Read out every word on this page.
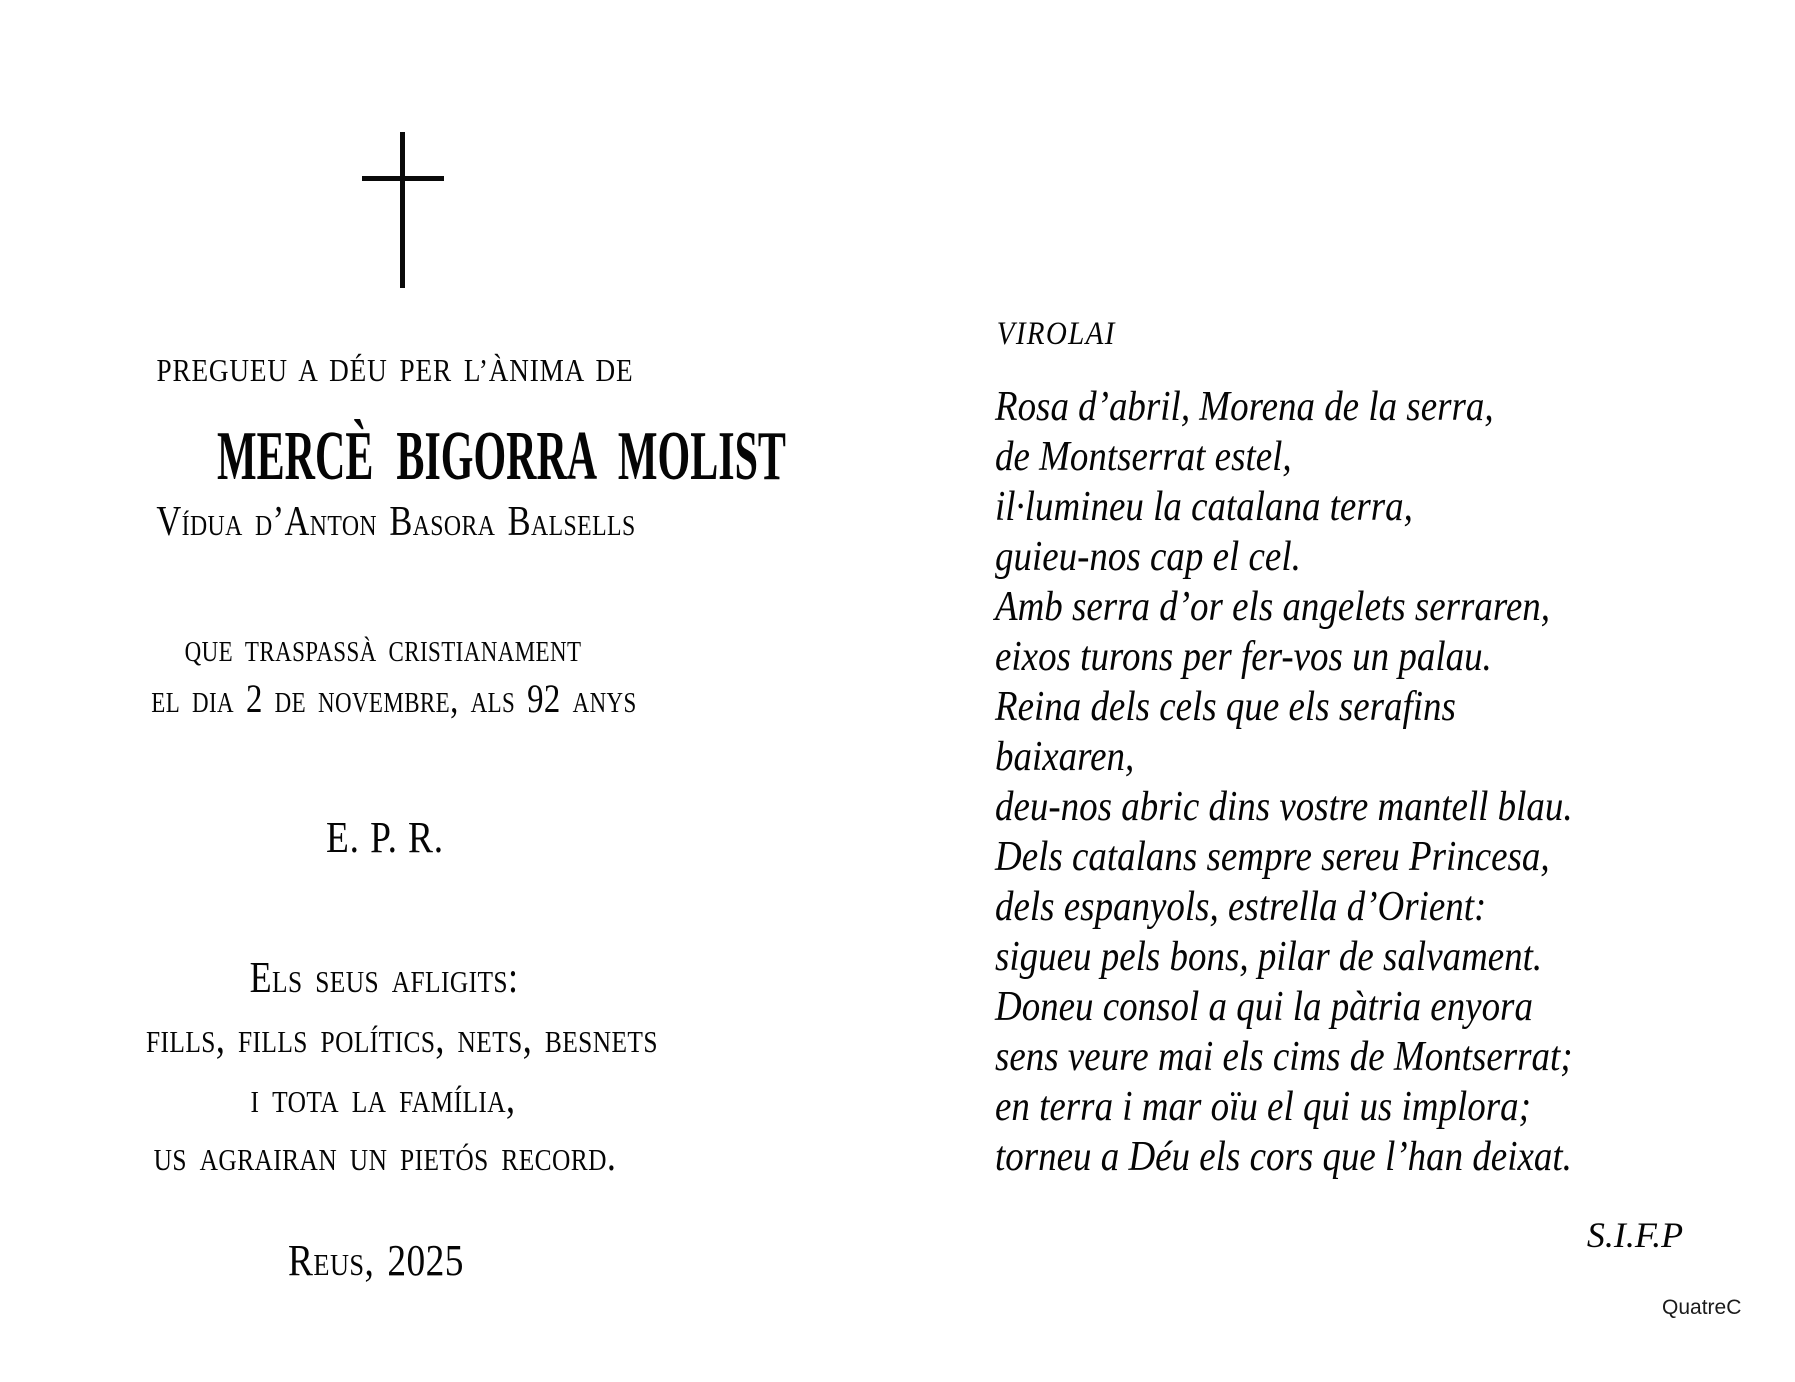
PREGUEU A DÉU PER L’ÀNIMA DE
MERCÈ BIGORRA MOLIST
Vídua d’Anton Basora Balsells
que traspassà cristianament
el dia 2 de novembre, als 92 anys
E. P. R.
Els seus afligits:
fills, fills polítics, nets, besnets
i tota la família,
us agrairan un pietós record.
Reus, 2025
VIROLAI
Rosa d’abril, Morena de la serra,
de Montserrat estel,
il·lumineu la catalana terra,
guieu-nos cap el cel.
Amb serra d’or els angelets serraren,
eixos turons per fer-vos un palau.
Reina dels cels que els serafins
baixaren,
deu-nos abric dins vostre mantell blau.
Dels catalans sempre sereu Princesa,
dels espanyols, estrella d’Orient:
sigueu pels bons, pilar de salvament.
Doneu consol a qui la pàtria enyora
sens veure mai els cims de Montserrat;
en terra i mar oïu el qui us implora;
torneu a Déu els cors que l’han deixat.
S.I.F.P
QuatreC
